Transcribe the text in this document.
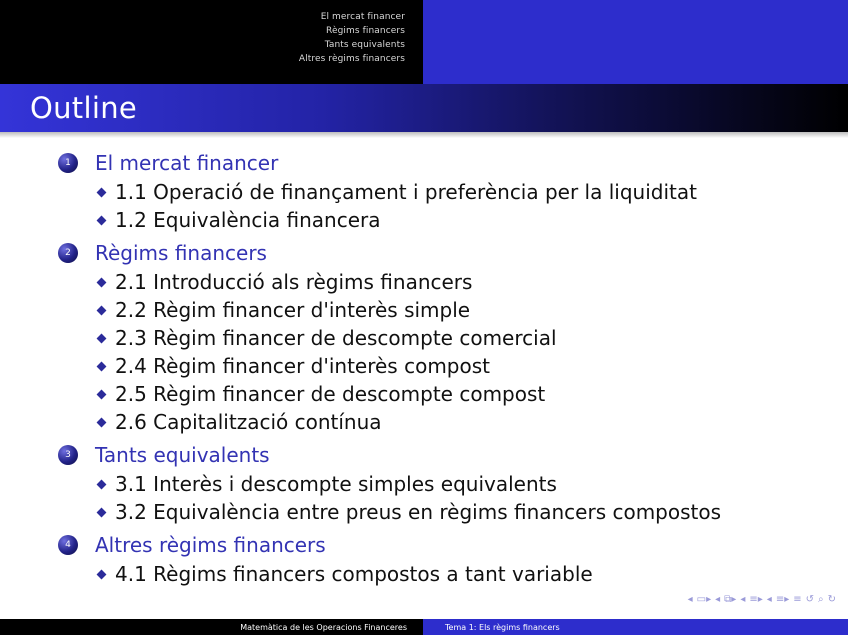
El mercat financer
Règims financers
Tants equivalents
Altres règims financers
Outline
1	El mercat financer
1.1 Operació de finançament i preferència per la liquiditat
1.2 Equivalència financera
2	Règims financers
2.1 Introducció als règims financers
2.2 Règim financer d'interès simple
2.3 Règim financer de descompte comercial
2.4 Règim financer d'interès compost
2.5 Règim financer de descompte compost
2.6 Capitalització contínua
3	Tants equivalents
3.1 Interès i descompte simples equivalents
3.2 Equivalència entre preus en règims financers compostos
4	Altres règims financers
4.1 Règims financers compostos a tant variable
◂ ▭▸ ◂ ⧉▸ ◂ ≡▸ ◂ ≡▸ ≡ ↺ ⌕ ↻
Matemàtica de les Operacions Financeres	Tema 1: Els règims financers
